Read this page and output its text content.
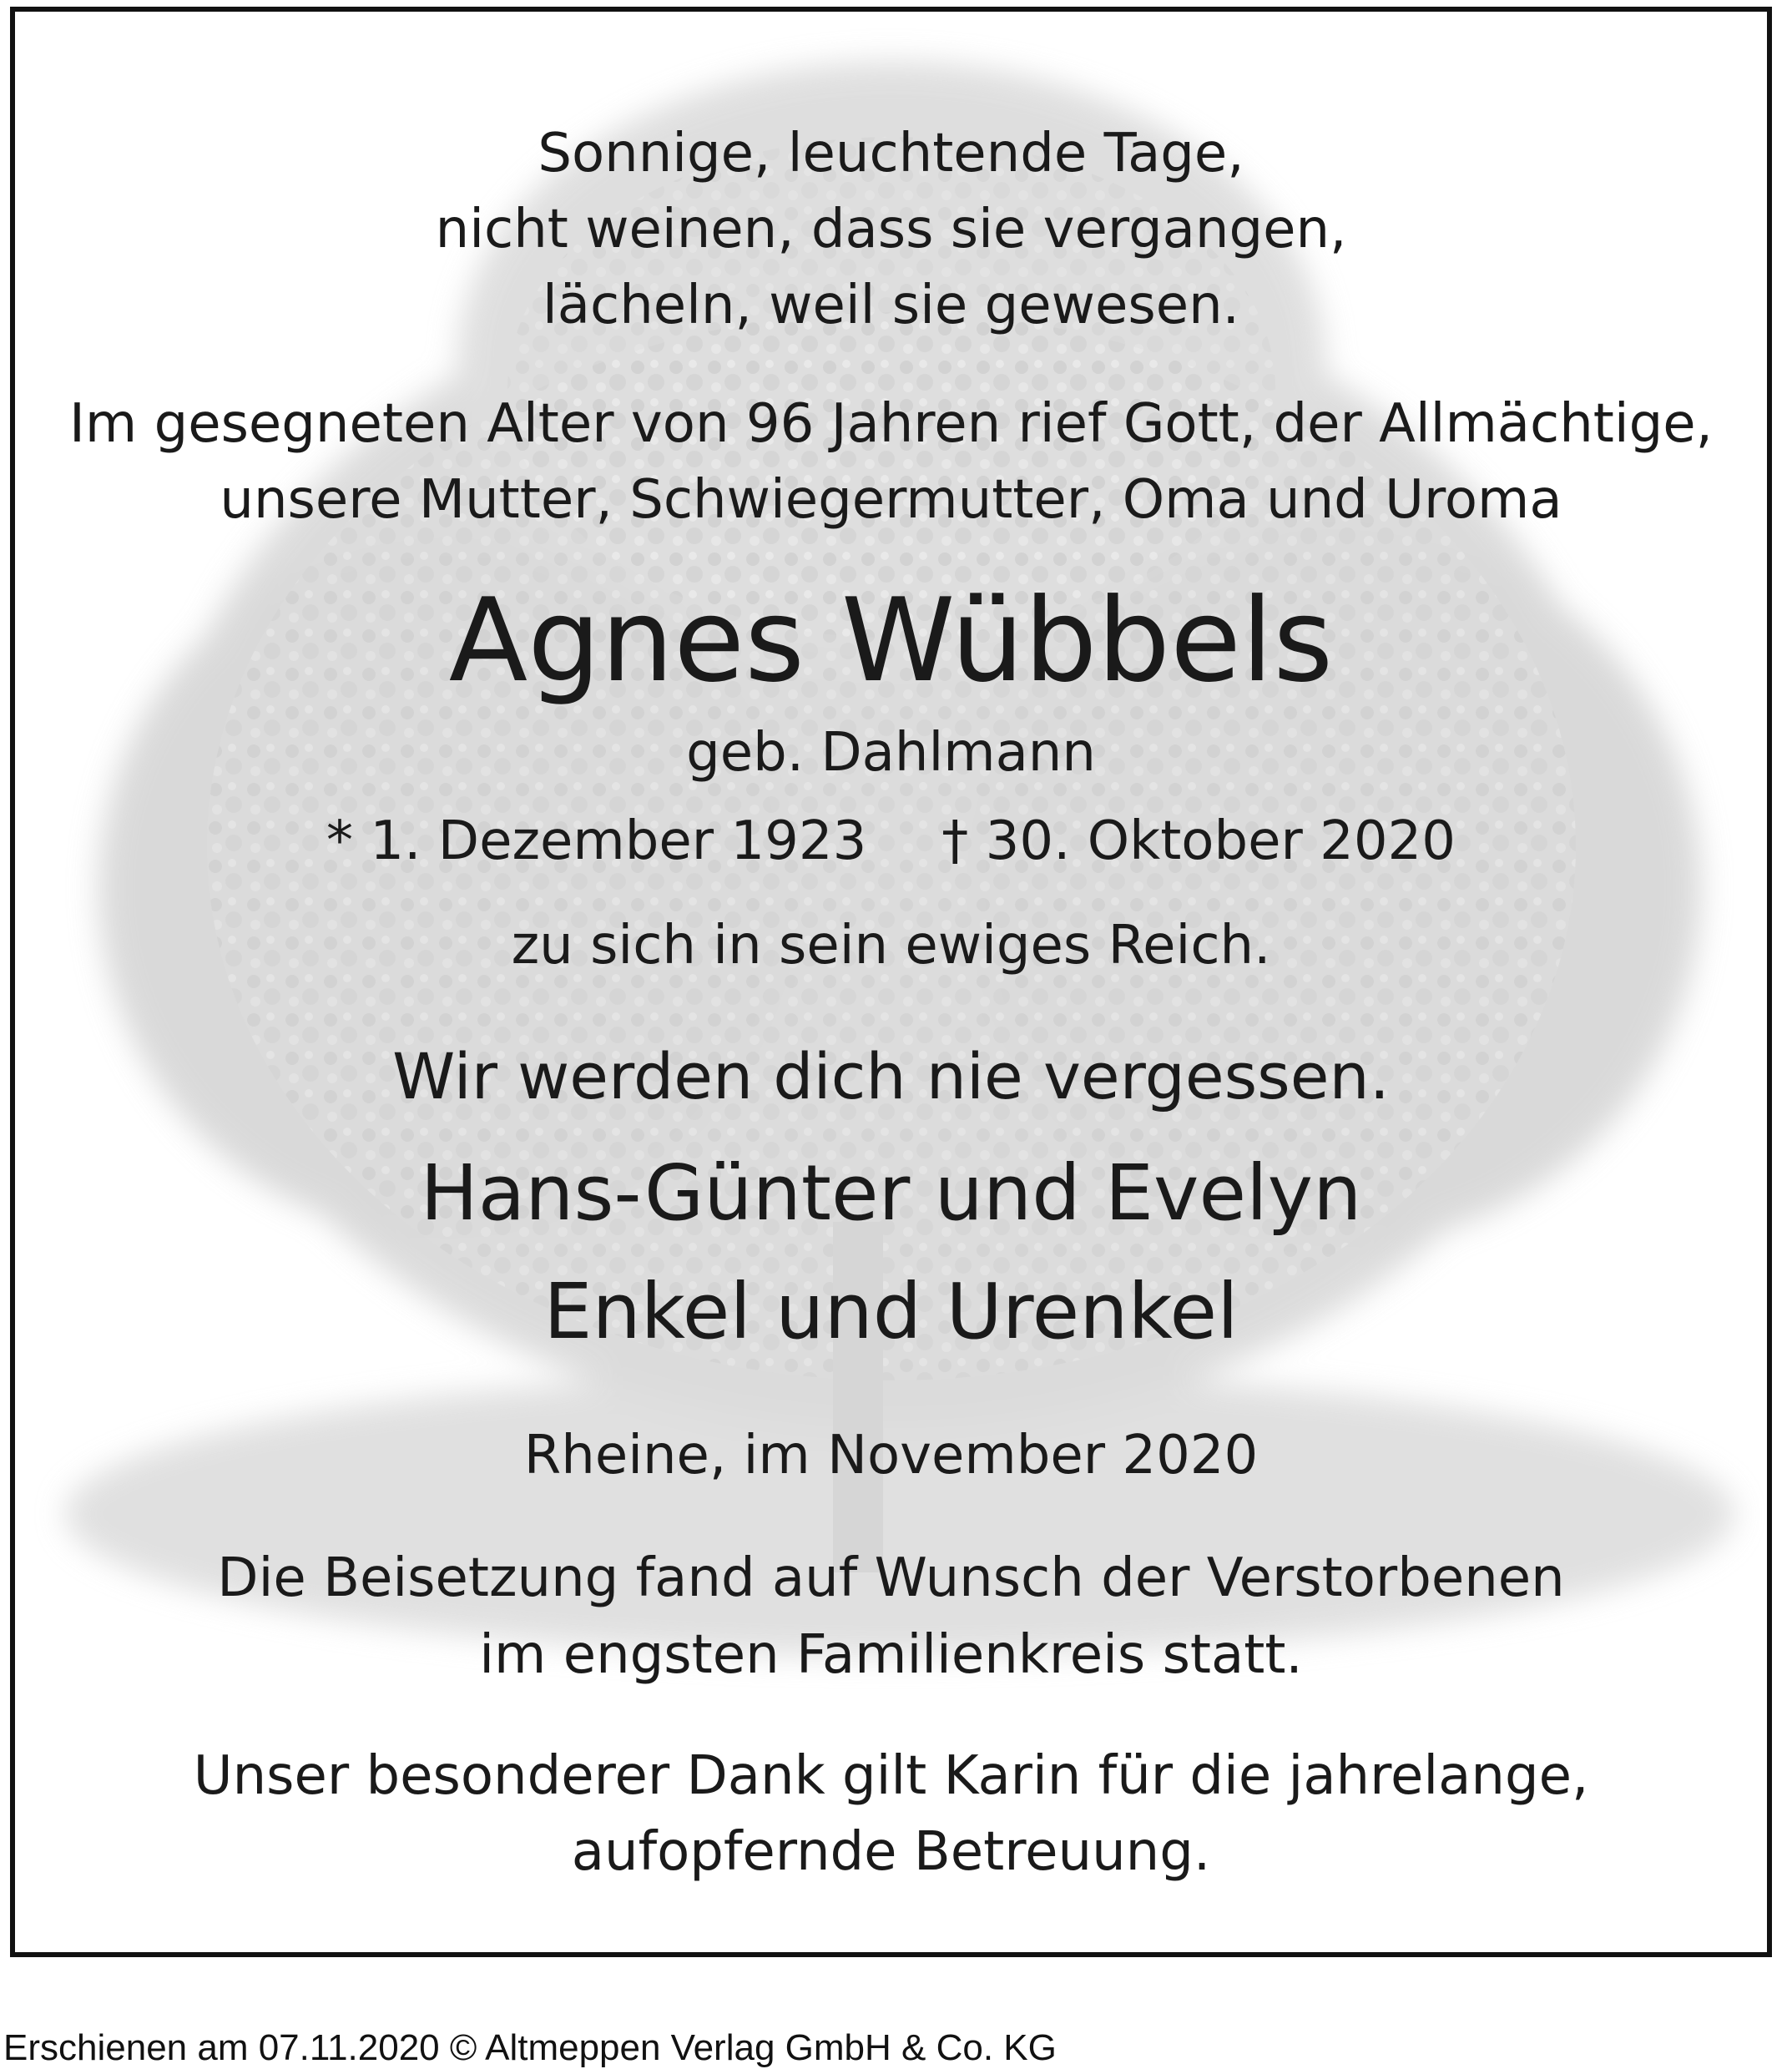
Sonnige, leuchtende Tage,
nicht weinen, dass sie vergangen,
lächeln, weil sie gewesen.
Im gesegneten Alter von 96 Jahren rief Gott, der Allmächtige,
unsere Mutter, Schwiegermutter, Oma und Uroma
Agnes Wübbels
geb. Dahlmann
* 1. Dezember 1923 † 30. Oktober 2020
zu sich in sein ewiges Reich.
Wir werden dich nie vergessen.
Hans-Günter und Evelyn
Enkel und Urenkel
Rheine, im November 2020
Die Beisetzung fand auf Wunsch der Verstorbenen
im engsten Familienkreis statt.
Unser besonderer Dank gilt Karin für die jahrelange,
aufopfernde Betreuung.
Erschienen am 07.11.2020 © Altmeppen Verlag GmbH & Co. KG
